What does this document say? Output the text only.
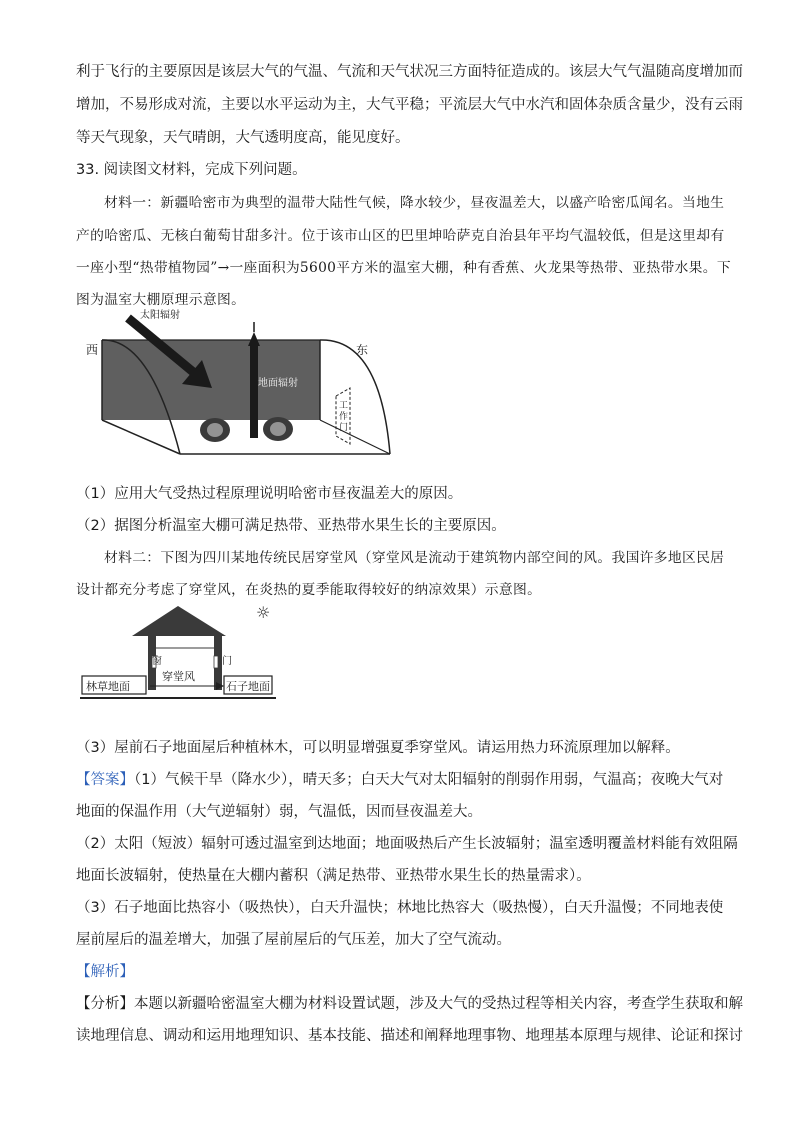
利于飞行的主要原因是该层大气的气温、气流和天气状况三方面特征造成的。该层大气气温随高度增加而
增加，不易形成对流，主要以水平运动为主，大气平稳；平流层大气中水汽和固体杂质含量少，没有云雨
等天气现象，天气晴朗，大气透明度高，能见度好。
33. 阅读图文材料，完成下列问题。
材料一：新疆哈密市为典型的温带大陆性气候，降水较少，昼夜温差大，以盛产哈密瓜闻名。当地生
产的哈密瓜、无核白葡萄甘甜多汁。位于该市山区的巴里坤哈萨克自治县年平均气温较低，但是这里却有
一座小型“热带植物园”→一座面积为5600平方米的温室大棚，种有香蕉、火龙果等热带、亚热带水果。下
图为温室大棚原理示意图。
西	东
太阳辐射
地面辐射
工
作
门
（1）应用大气受热过程原理说明哈密市昼夜温差大的原因。
（2）据图分析温室大棚可满足热带、亚热带水果生长的主要原因。
材料二：下图为四川某地传统民居穿堂风（穿堂风是流动于建筑物内部空间的风。我国许多地区民居
设计都充分考虑了穿堂风，在炎热的夏季能取得较好的纳凉效果）示意图。
☼
窗	门
林草地面
穿堂风
石子地面
（3）屋前石子地面屋后种植林木，可以明显增强夏季穿堂风。请运用热力环流原理加以解释。
【答案】（1）气候干旱（降水少），晴天多；白天大气对太阳辐射的削弱作用弱，气温高；夜晚大气对
地面的保温作用（大气逆辐射）弱，气温低，因而昼夜温差大。
（2）太阳（短波）辐射可透过温室到达地面；地面吸热后产生长波辐射；温室透明覆盖材料能有效阻隔
地面长波辐射，使热量在大棚内蓄积（满足热带、亚热带水果生长的热量需求）。
（3）石子地面比热容小（吸热快），白天升温快；林地比热容大（吸热慢），白天升温慢；不同地表使
屋前屋后的温差增大，加强了屋前屋后的气压差，加大了空气流动。
【解析】
【分析】本题以新疆哈密温室大棚为材料设置试题，涉及大气的受热过程等相关内容，考查学生获取和解
读地理信息、调动和运用地理知识、基本技能、描述和阐释地理事物、地理基本原理与规律、论证和探讨
